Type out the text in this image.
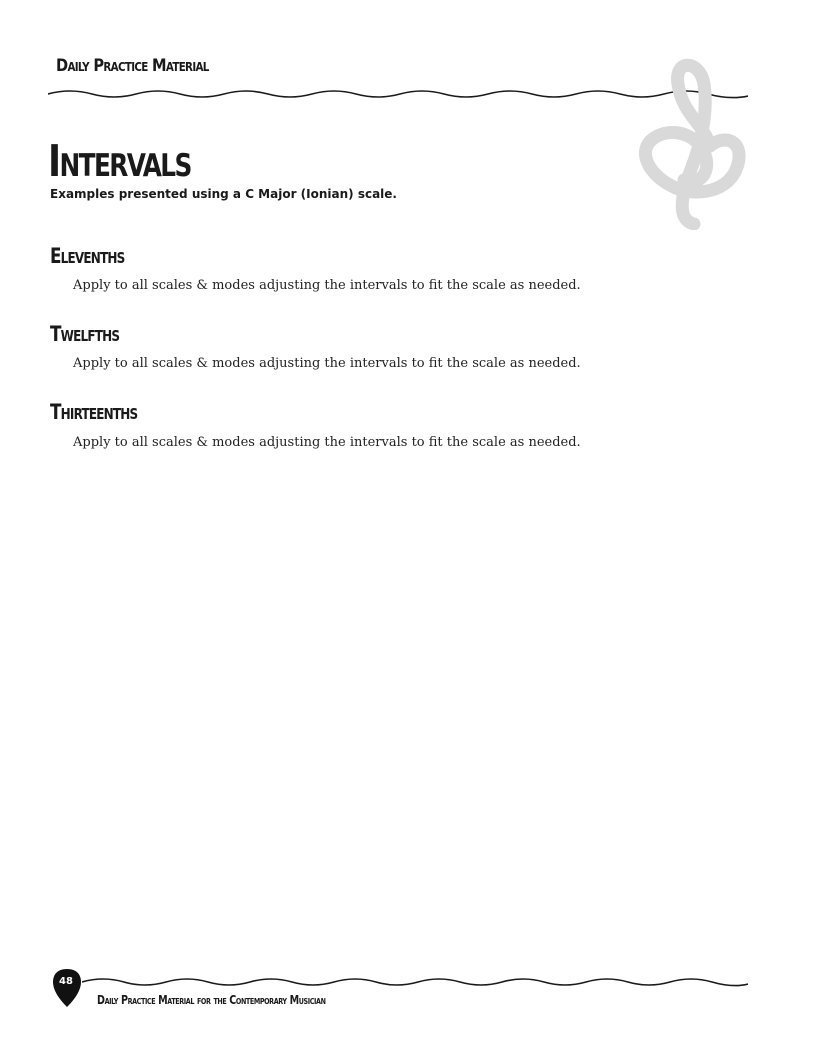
Daily Practice Material
Intervals
Examples presented using a C Major (Ionian) scale.
Elevenths
Apply to all scales & modes adjusting the intervals to fit the scale as needed.
Twelfths
Apply to all scales & modes adjusting the intervals to fit the scale as needed.
Thirteenths
Apply to all scales & modes adjusting the intervals to fit the scale as needed.
48
Daily Practice Material for the Contemporary Musician
